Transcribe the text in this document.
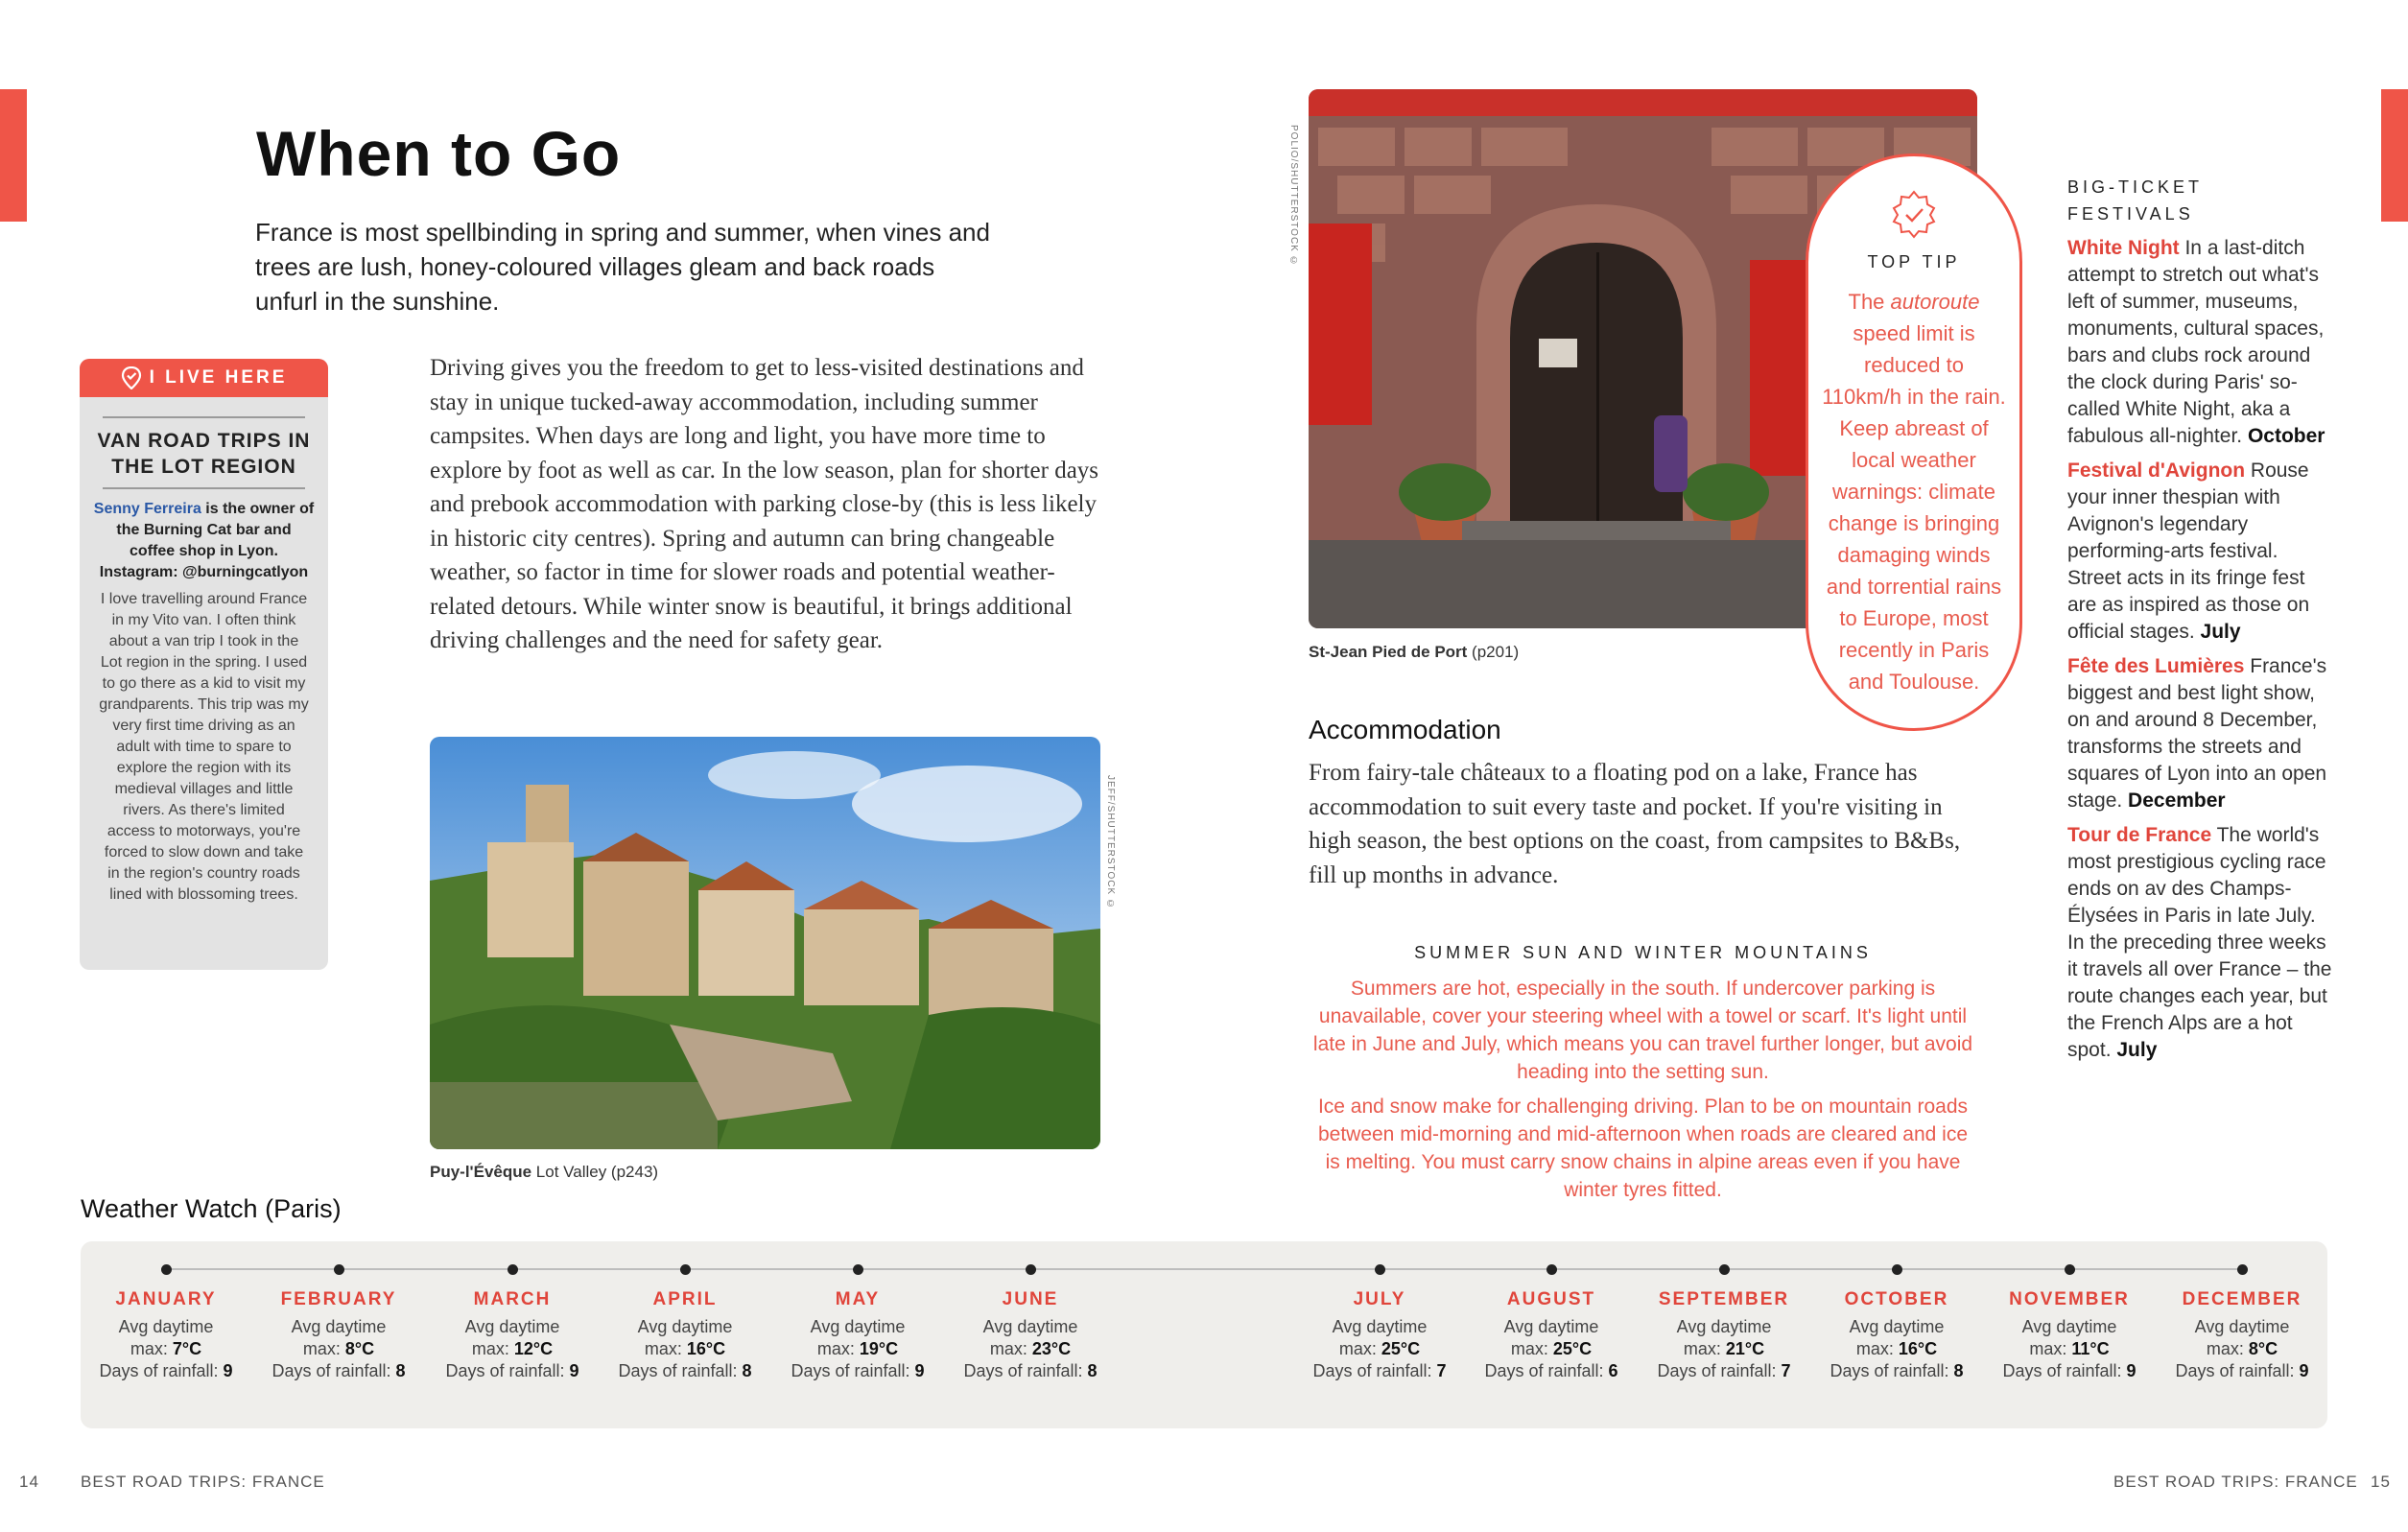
When to Go
France is most spellbinding in spring and summer, when vines and trees are lush, honey-coloured villages gleam and back roads unfurl in the sunshine.
I LIVE HERE
VAN ROAD TRIPS IN THE LOT REGION
Senny Ferreira is the owner of the Burning Cat bar and coffee shop in Lyon. Instagram: @burningcatlyon
I love travelling around France in my Vito van. I often think about a van trip I took in the Lot region in the spring. I used to go there as a kid to visit my grandparents. This trip was my very first time driving as an adult with time to spare to explore the region with its medieval villages and little rivers. As there's limited access to motorways, you're forced to slow down and take in the region's country roads lined with blossoming trees.
Driving gives you the freedom to get to less-visited destinations and stay in unique tucked-away accommodation, including summer campsites. When days are long and light, you have more time to explore by foot as well as car. In the low season, plan for shorter days and prebook accommodation with parking close-by (this is less likely in historic city centres). Spring and autumn can bring changeable weather, so factor in time for slower roads and potential weather-related detours. While winter snow is beautiful, it brings additional driving challenges and the need for safety gear.
Puy-l'Évêque Lot Valley (p243)
JEFF/SHUTTERSTOCK ©
St-Jean Pied de Port (p201)
POLIO/SHUTTERSTOCK ©	TOP TIP
The autoroute speed limit is reduced to 110km/h in the rain. Keep abreast of local weather warnings: climate change is bringing damaging winds and torrential rains to Europe, most recently in Paris and Toulouse.
Accommodation
From fairy-tale châteaux to a floating pod on a lake, France has accommodation to suit every taste and pocket. If you're visiting in high season, the best options on the coast, from campsites to B&Bs, fill up months in advance.
SUMMER SUN AND WINTER MOUNTAINS
Summers are hot, especially in the south. If undercover parking is unavailable, cover your steering wheel with a towel or scarf. It's light until late in June and July, which means you can travel further longer, but avoid heading into the setting sun.
Ice and snow make for challenging driving. Plan to be on mountain roads between mid-morning and mid-afternoon when roads are cleared and ice is melting. You must carry snow chains in alpine areas even if you have winter tyres fitted.
BIG-TICKET FESTIVALS
White Night In a last-ditch attempt to stretch out what's left of summer, museums, monuments, cultural spaces, bars and clubs rock around the clock during Paris' so-called White Night, aka a fabulous all-nighter. October
Festival d'Avignon Rouse your inner thespian with Avignon's legendary performing-arts festival. Street acts in its fringe fest are as inspired as those on official stages. July
Fête des Lumières France's biggest and best light show, on and around 8 December, transforms the streets and squares of Lyon into an open stage. December
Tour de France The world's most prestigious cycling race ends on av des Champs-Élysées in Paris in late July. In the preceding three weeks it travels all over France – the route changes each year, but the French Alps are a hot spot. July
Weather Watch (Paris)
JANUARY
Avg daytime
max: 7°C
Days of rainfall: 9
FEBRUARY
Avg daytime
max: 8°C
Days of rainfall: 8
MARCH
Avg daytime
max: 12°C
Days of rainfall: 9
APRIL
Avg daytime
max: 16°C
Days of rainfall: 8
MAY
Avg daytime
max: 19°C
Days of rainfall: 9
JUNE
Avg daytime
max: 23°C
Days of rainfall: 8
JULY
Avg daytime
max: 25°C
Days of rainfall: 7
AUGUST
Avg daytime
max: 25°C
Days of rainfall: 6
SEPTEMBER
Avg daytime
max: 21°C
Days of rainfall: 7
OCTOBER
Avg daytime
max: 16°C
Days of rainfall: 8
NOVEMBER
Avg daytime
max: 11°C
Days of rainfall: 9
DECEMBER
Avg daytime
max: 8°C
Days of rainfall: 9
14	BEST ROAD TRIPS: FRANCE	BEST ROAD TRIPS: FRANCE 15
